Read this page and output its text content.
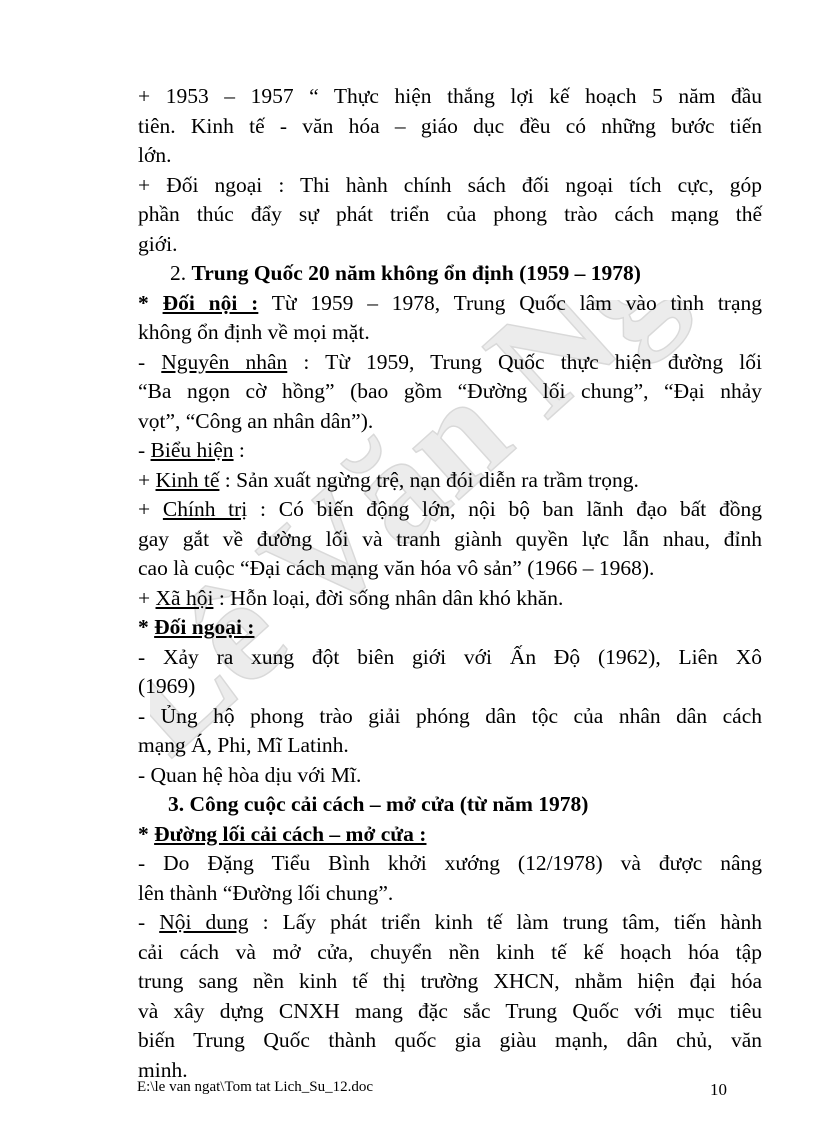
Lê Văn
+ 1953 – 1957 “ Thực hiện thắng lợi kế hoạch 5 năm đầu
tiên. Kinh tế - văn hóa – giáo dục đều có những bước tiến
lớn.
+ Đối ngoại : Thi hành chính sách đối ngoại tích cực, góp
phần thúc đẩy sự phát triển của phong trào cách mạng thế
giới.
2. Trung Quốc 20 năm không ổn định (1959 – 1978)
* Đối nội : Từ 1959 – 1978, Trung Quốc lâm vào tình trạng
không ổn định về mọi mặt.
- Nguyên nhân : Từ 1959, Trung Quốc thực hiện đường lối
“Ba ngọn cờ hồng” (bao gồm “Đường lối chung”, “Đại nhảy
vọt”, “Công an nhân dân”).
- Biểu hiện :
+ Kinh tế : Sản xuất ngừng trệ, nạn đói diễn ra trầm trọng.
+ Chính trị : Có biến động lớn, nội bộ ban lãnh đạo bất đồng
gay gắt về đường lối và tranh giành quyền lực lẫn nhau, đỉnh
cao là cuộc “Đại cách mạng văn hóa vô sản” (1966 – 1968).
+ Xã hội : Hỗn loại, đời sống nhân dân khó khăn.
* Đối ngoại :
- Xảy ra xung đột biên giới với Ấn Độ (1962), Liên Xô
(1969)
- Ủng hộ phong trào giải phóng dân tộc của nhân dân cách
mạng Á, Phi, Mĩ Latinh.
- Quan hệ hòa dịu với Mĩ.
3. Công cuộc cải cách – mở cửa (từ năm 1978)
* Đường lối cải cách – mở cửa :
- Do Đặng Tiểu Bình khởi xướng (12/1978) và được nâng
lên thành “Đường lối chung”.
- Nội dung : Lấy phát triển kinh tế làm trung tâm, tiến hành
cải cách và mở cửa, chuyển nền kinh tế kế hoạch hóa tập
trung sang nền kinh tế thị trường XHCN, nhằm hiện đại hóa
và xây dựng CNXH mang đặc sắc Trung Quốc với mục tiêu
biến Trung Quốc thành quốc gia giàu mạnh, dân chủ, văn
minh.
E:\le van ngat\Tom tat Lich_Su_12.doc	10
